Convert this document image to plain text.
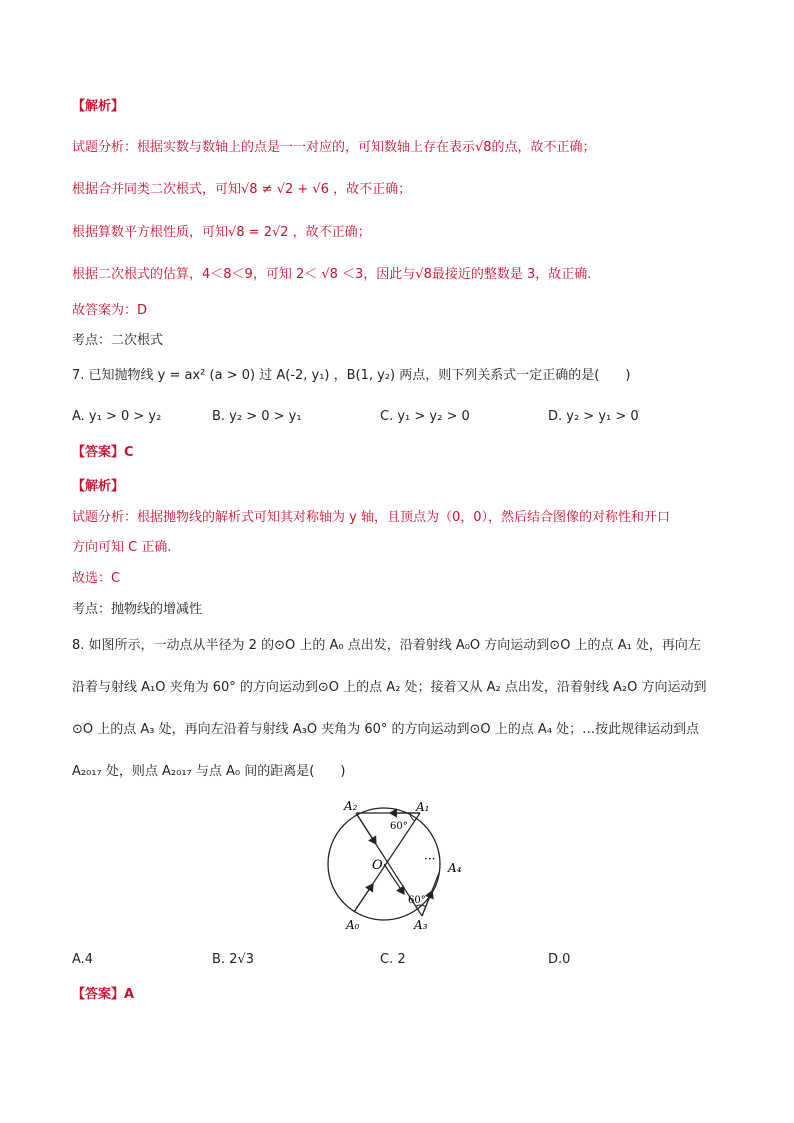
【解析】
试题分析：根据实数与数轴上的点是一一对应的，可知数轴上存在表示√8的点，故不正确；
根据合并同类二次根式，可知√8 ≠ √2 + √6 ，故不正确；
根据算数平方根性质，可知√8 = 2√2 ，故不正确；
根据二次根式的估算，4＜8＜9，可知 2＜ √8 ＜3，因此与√8最接近的整数是 3，故正确.
故答案为：D
考点：二次根式
7. 已知抛物线 y = ax² (a > 0) 过 A(-2, y₁) ，B(1, y₂) 两点，则下列关系式一定正确的是(　　)
A. y₁ > 0 > y₂	B. y₂ > 0 > y₁	C. y₁ > y₂ > 0	D. y₂ > y₁ > 0
【答案】C
【解析】
试题分析：根据抛物线的解析式可知其对称轴为 y 轴，且顶点为（0，0），然后结合图像的对称性和开口
方向可知 C 正确.
故选：C
考点：抛物线的增减性
8. 如图所示，一动点从半径为 2 的⊙O 上的 A₀ 点出发，沿着射线 A₀O 方向运动到⊙O 上的点 A₁ 处，再向左
沿着与射线 A₁O 夹角为 60° 的方向运动到⊙O 上的点 A₂ 处；接着又从 A₂ 点出发，沿着射线 A₂O 方向运动到
⊙O 上的点 A₃ 处，再向左沿着与射线 A₃O 夹角为 60° 的方向运动到⊙O 上的点 A₄ 处；…按此规律运动到点
A₂₀₁₇ 处，则点 A₂₀₁₇ 与点 A₀ 间的距离是(　　)
A₀
A₁
A₂
A₃
A₄
O
60°
60°
···
A.4	B. 2√3	C. 2	D.0
【答案】A
